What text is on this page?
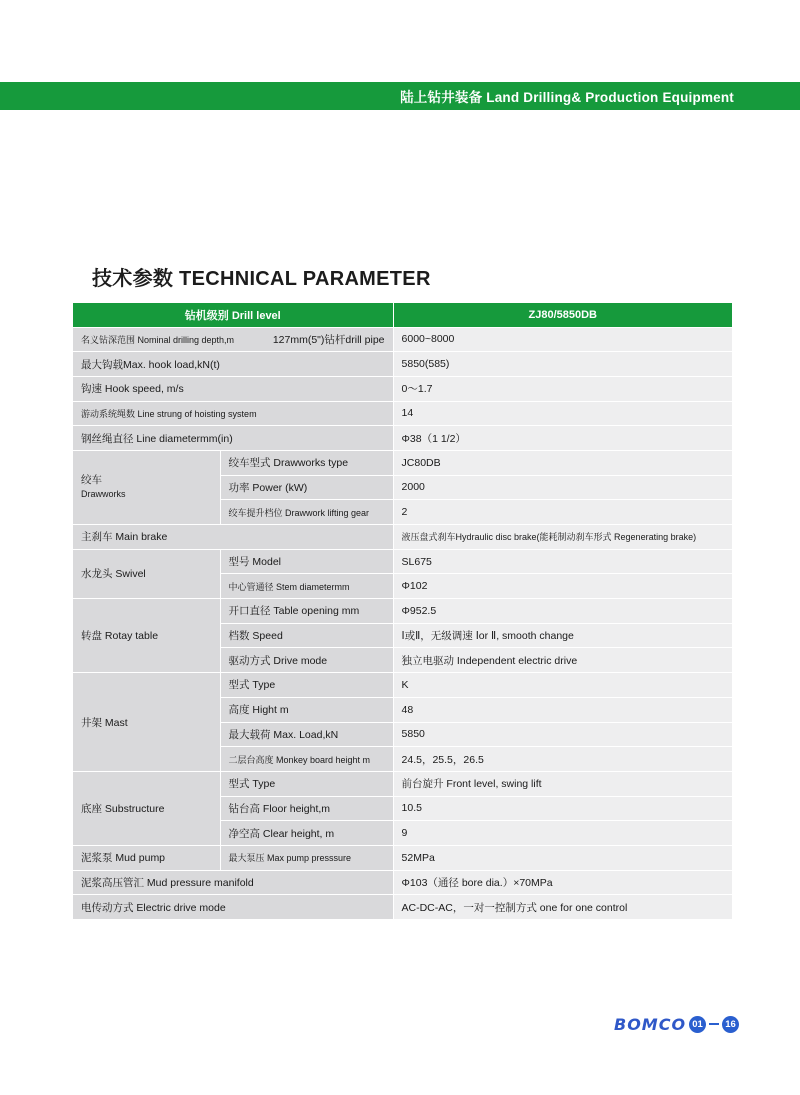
陆上钻井装备 Land Drilling& Production Equipment
技术参数 TECHNICAL PARAMETER
钻机级别 Drill level		ZJ80/5850DB

名义钻深范围 Nominal drilling depth,m 127mm(5")钻杆drill pipe		6000~8000
最大钩载Max. hook load,kN(t)		5850(585)
钩速 Hook speed, m/s		0～1.7
游动系统绳数 Line strung of hoisting system		14
钢丝绳直径 Line diametermm(in)		Φ38（1 1/2）
绞车
Drawworks	绞车型式 Drawworks type	JC80DB
	功率 Power (kW)	2000
	绞车提升档位 Drawwork lifting gear	2
主刹车 Main brake		液压盘式刹车Hydraulic disc brake(能耗制动刹车形式 Regenerating brake)
水龙头 Swivel	型号 Model	SL675
	中心管通径 Stem diametermm	Φ102
转盘 Rotay table	开口直径 Table opening mm	Φ952.5
	档数 Speed	Ⅰ或Ⅱ，无级调速 Ⅰor Ⅱ, smooth change
	驱动方式 Drive mode	独立电驱动 Independent electric drive
井架 Mast	型式 Type	K
	高度 Hight m	48
	最大载荷 Max. Load,kN	5850
	二层台高度 Monkey board height m	24.5，25.5，26.5
底座 Substructure	型式 Type	前台旋升 Front level, swing lift
	钻台高 Floor height,m	10.5
	净空高 Clear height, m	9
泥浆泵 Mud pump	最大泵压 Max pump presssure	52MPa
泥浆高压管汇 Mud pressure manifold		Φ103（通径 bore dia.）×70MPa
电传动方式 Electric drive mode		AC-DC-AC，一对一控制方式 one for one control
BOMCO 01	16
